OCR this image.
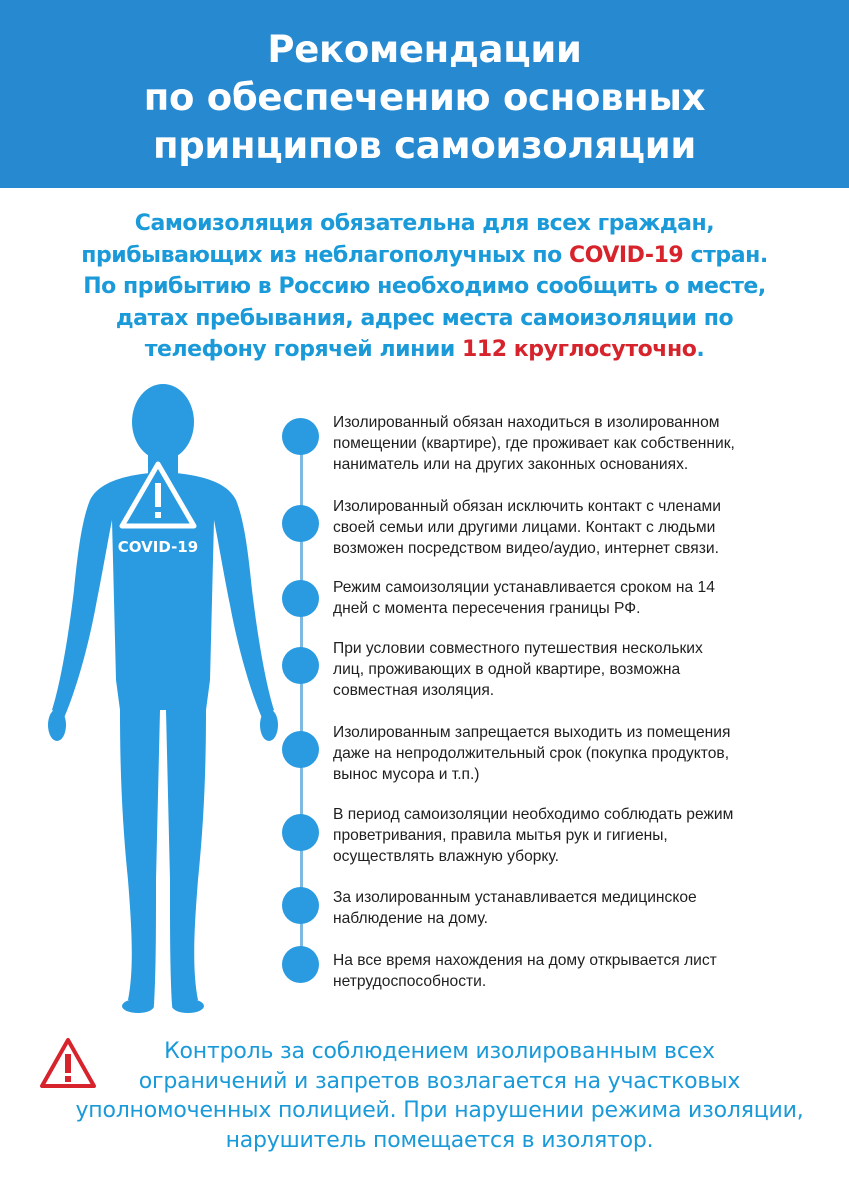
Рекомендации
по обеспечению основных
принципов самоизоляции

Самоизоляция обязательна для всех граждан,
прибывающих из неблагополучных по COVID-19 стран.
По прибытию в Россию необходимо сообщить о месте,
датах пребывания, адрес места самоизоляции по
телефону горячей линии 112 круглосуточно.

COVID-19
Изолированный обязан находиться в изолированном
помещении (квартире), где проживает как собственник,
наниматель или на других законных основаниях.
Изолированный обязан исключить контакт с членами
своей семьи или другими лицами. Контакт с людьми
возможен посредством видео/аудио, интернет связи.
Режим самоизоляции устанавливается сроком на 14
дней с момента пересечения границы РФ.
При условии совместного путешествия нескольких
лиц, проживающих в одной квартире, возможна
совместная изоляция.
Изолированным запрещается выходить из помещения
даже на непродолжительный срок (покупка продуктов,
вынос мусора и т.п.)
В период самоизоляции необходимо соблюдать режим
проветривания, правила мытья рук и гигиены,
осуществлять влажную уборку.
За изолированным устанавливается медицинское
наблюдение на дому.
На все время нахождения на дому открывается лист
нетрудоспособности.

Контроль за соблюдением изолированным всех
ограничений и запретов возлагается на участковых
уполномоченных полицией. При нарушении режима изоляции,
нарушитель помещается в изолятор.
